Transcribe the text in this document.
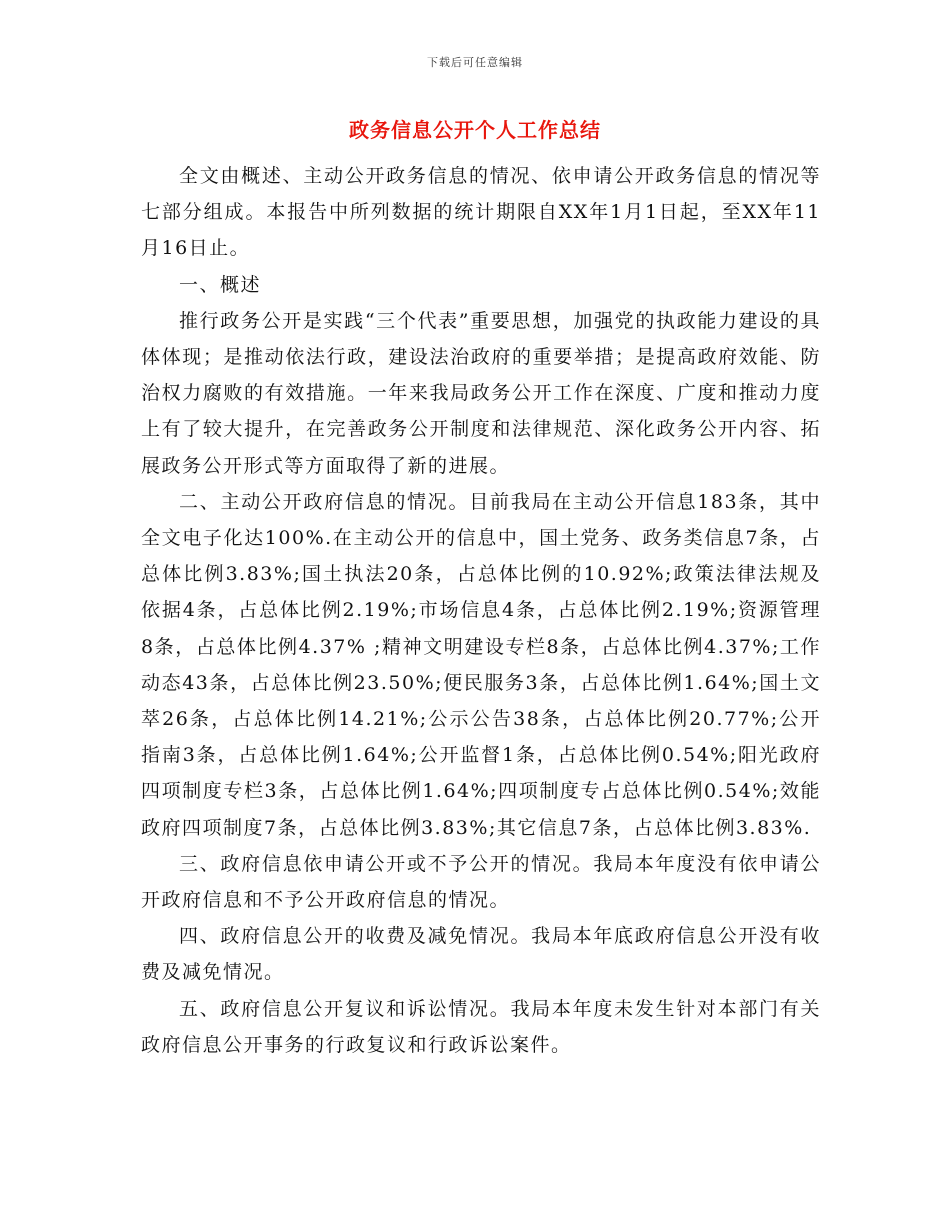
下载后可任意编辑
政务信息公开个人工作总结

全文由概述、主动公开政务信息的情况、依申请公开政务信息的情况等七部分组成。本报告中所列数据的统计期限自XX年1月1日起，至XX年11月16日止。

一、概述

推行政务公开是实践“三个代表”重要思想，加强党的执政能力建设的具体体现；是推动依法行政，建设法治政府的重要举措；是提高政府效能、防治权力腐败的有效措施。一年来我局政务公开工作在深度、广度和推动力度上有了较大提升，在完善政务公开制度和法律规范、深化政务公开内容、拓展政务公开形式等方面取得了新的进展。

二、主动公开政府信息的情况。目前我局在主动公开信息183条，其中全文电子化达100%.在主动公开的信息中，国土党务、政务类信息7条，占总体比例3.83%;国土执法20条，占总体比例的10.92%;政策法律法规及依据4条，占总体比例2.19%;市场信息4条，占总体比例2.19%;资源管理8条，占总体比例4.37% ;精神文明建设专栏8条，占总体比例4.37%;工作动态43条，占总体比例23.50%;便民服务3条，占总体比例1.64%;国土文萃26条，占总体比例14.21%;公示公告38条，占总体比例20.77%;公开指南3条，占总体比例1.64%;公开监督1条，占总体比例0.54%;阳光政府四项制度专栏3条，占总体比例1.64%;四项制度专占总体比例0.54%;效能政府四项制度7条，占总体比例3.83%;其它信息7条，占总体比例3.83%.

三、政府信息依申请公开或不予公开的情况。我局本年度没有依申请公开政府信息和不予公开政府信息的情况。

四、政府信息公开的收费及减免情况。我局本年底政府信息公开没有收费及减免情况。

五、政府信息公开复议和诉讼情况。我局本年度未发生针对本部门有关政府信息公开事务的行政复议和行政诉讼案件。
